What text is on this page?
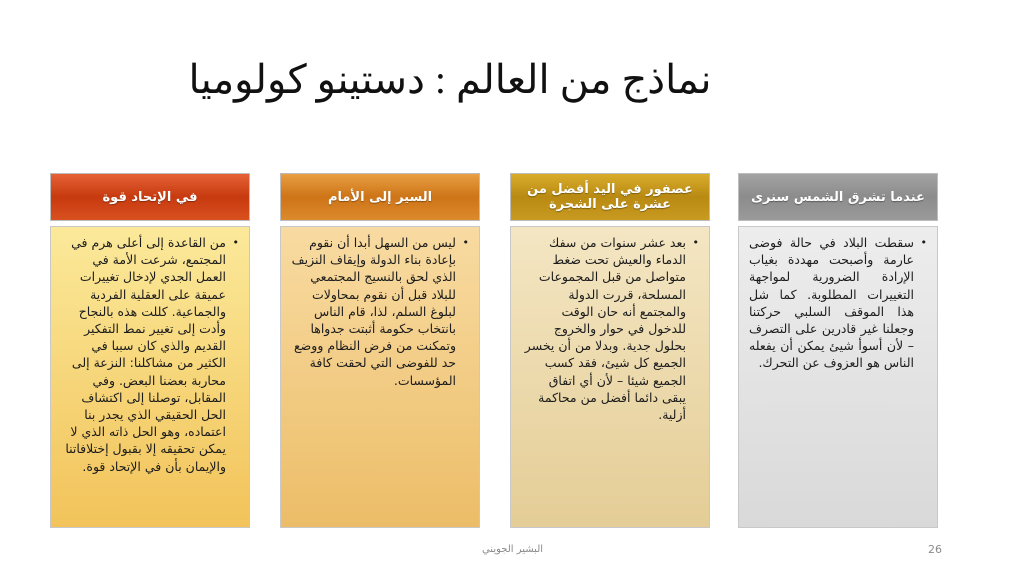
نماذج من العالم : دستينو كولوميا
عندما تشرق الشمس سنرى
•
سقطت البلاد في حالة فوضى عارمة وأصبحت مهددة بغياب الإرادة الضرورية لمواجهة التغييرات المطلوبة. كما شل هذا الموقف السلبي حركتنا وجعلنا غير قادرين على التصرف – لأن أسوأ شيئ يمكن أن يفعله الناس هو العزوف عن التحرك.
عصفور في اليد أفضل من عشرة على الشجرة
•
بعد عشر سنوات من سفك الدماء والعيش تحت ضغط متواصل من قبل المجموعات المسلحة، قررت الدولة والمجتمع أنه حان الوقت للدخول في حوار والخروج بحلول جدية. وبدلا من أن يخسر الجميع كل شيئ، فقد كسب الجميع شيئا – لأن أي اتفاق يبقى دائما أفضل من محاكمة أزلية.
السير إلى الأمام
•
ليس من السهل أبدا أن نقوم بإعادة بناء الدولة وإيقاف النزيف الذي لحق بالنسيج المجتمعي للبلاد قبل أن نقوم بمحاولات لبلوغ السلم، لذا، قام الناس بانتخاب حكومة أثبتت جدواها وتمكنت من فرض النظام ووضع حد للفوضى التي لحقت كافة المؤسسات.
في الإتحاد قوة
•
من القاعدة إلى أعلى هرم في المجتمع، شرعت الأمة في العمل الجدي لإدخال تغييرات عميقة على العقلية الفردية والجماعية. كللت هذه بالنجاح وأدت إلى تغيير نمط التفكير القديم والذي كان سببا في الكثير من مشاكلنا: النزعة إلى محاربة بعضنا البعض. وفي المقابل، توصلنا إلى اكتشاف الحل الحقيقي الذي يجدر بنا اعتماده، وهو الحل ذاته الذي لا يمكن تحقيقه إلا بقبول إختلافاتنا والإيمان بأن في الإتحاد قوة.
البشير الجويني	26
